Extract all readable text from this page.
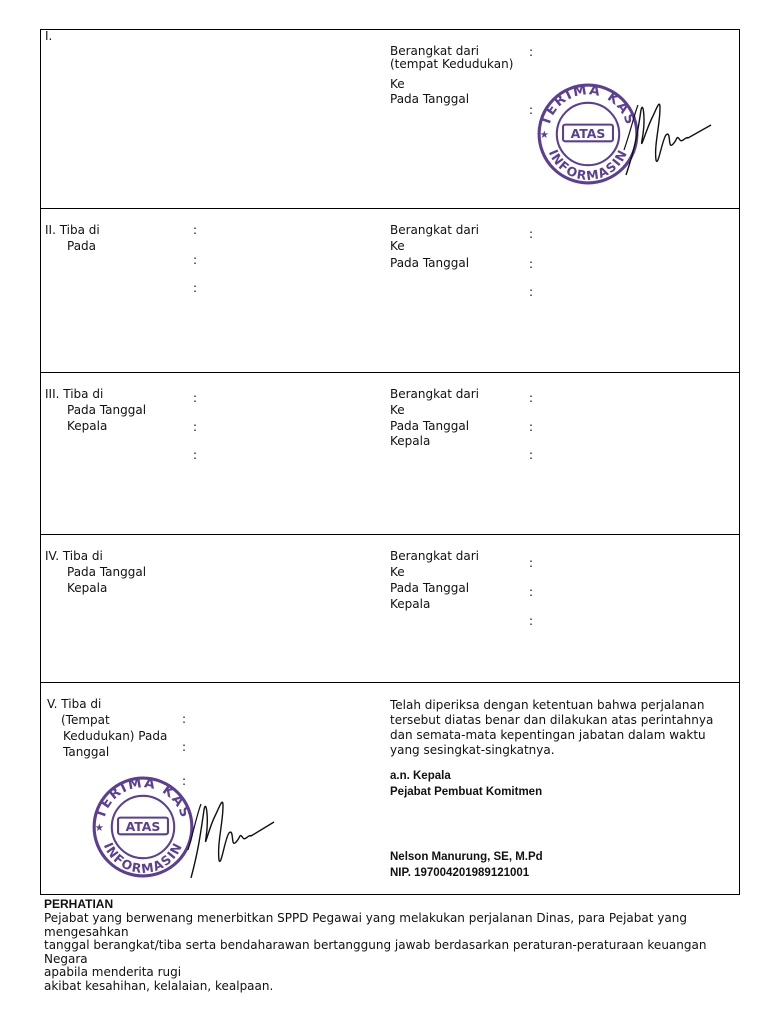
I.
Berangkat dari
(tempat Kedudukan)
Ke
Pada Tanggal
:
:
TERIMA KAS
INFORMASIN
ATAS
★
II. Tiba di
Pada
:
:
:
Berangkat dari
Ke
Pada Tanggal
:
:
:
III. Tiba di
Pada Tanggal
Kepala
:
:
:
Berangkat dari
Ke
Pada Tanggal
Kepala
:
:
:
IV. Tiba di
Pada Tanggal
Kepala
Berangkat dari
Ke
Pada Tanggal
Kepala
:
:
:
V. Tiba di
(Tempat
Kedudukan) Pada
Tanggal
:
:
:
TERIMA KAS
INFORMASIN
ATAS
★
Telah diperiksa dengan ketentuan bahwa perjalanan tersebut diatas benar dan dilakukan atas perintahnya dan semata-mata kepentingan jabatan dalam waktu yang sesingkat-singkatnya.
a.n. Kepala
Pejabat Pembuat Komitmen
Nelson Manurung, SE, M.Pd
NIP. 197004201989121001
PERHATIAN
Pejabat yang berwenang menerbitkan SPPD Pegawai yang melakukan perjalanan Dinas, para Pejabat yang mengesahkan
tanggal berangkat/tiba serta bendaharawan bertanggung jawab berdasarkan peraturan-peraturaan keuangan Negara
apabila menderita rugi
akibat kesahihan, kelalaian, kealpaan.
